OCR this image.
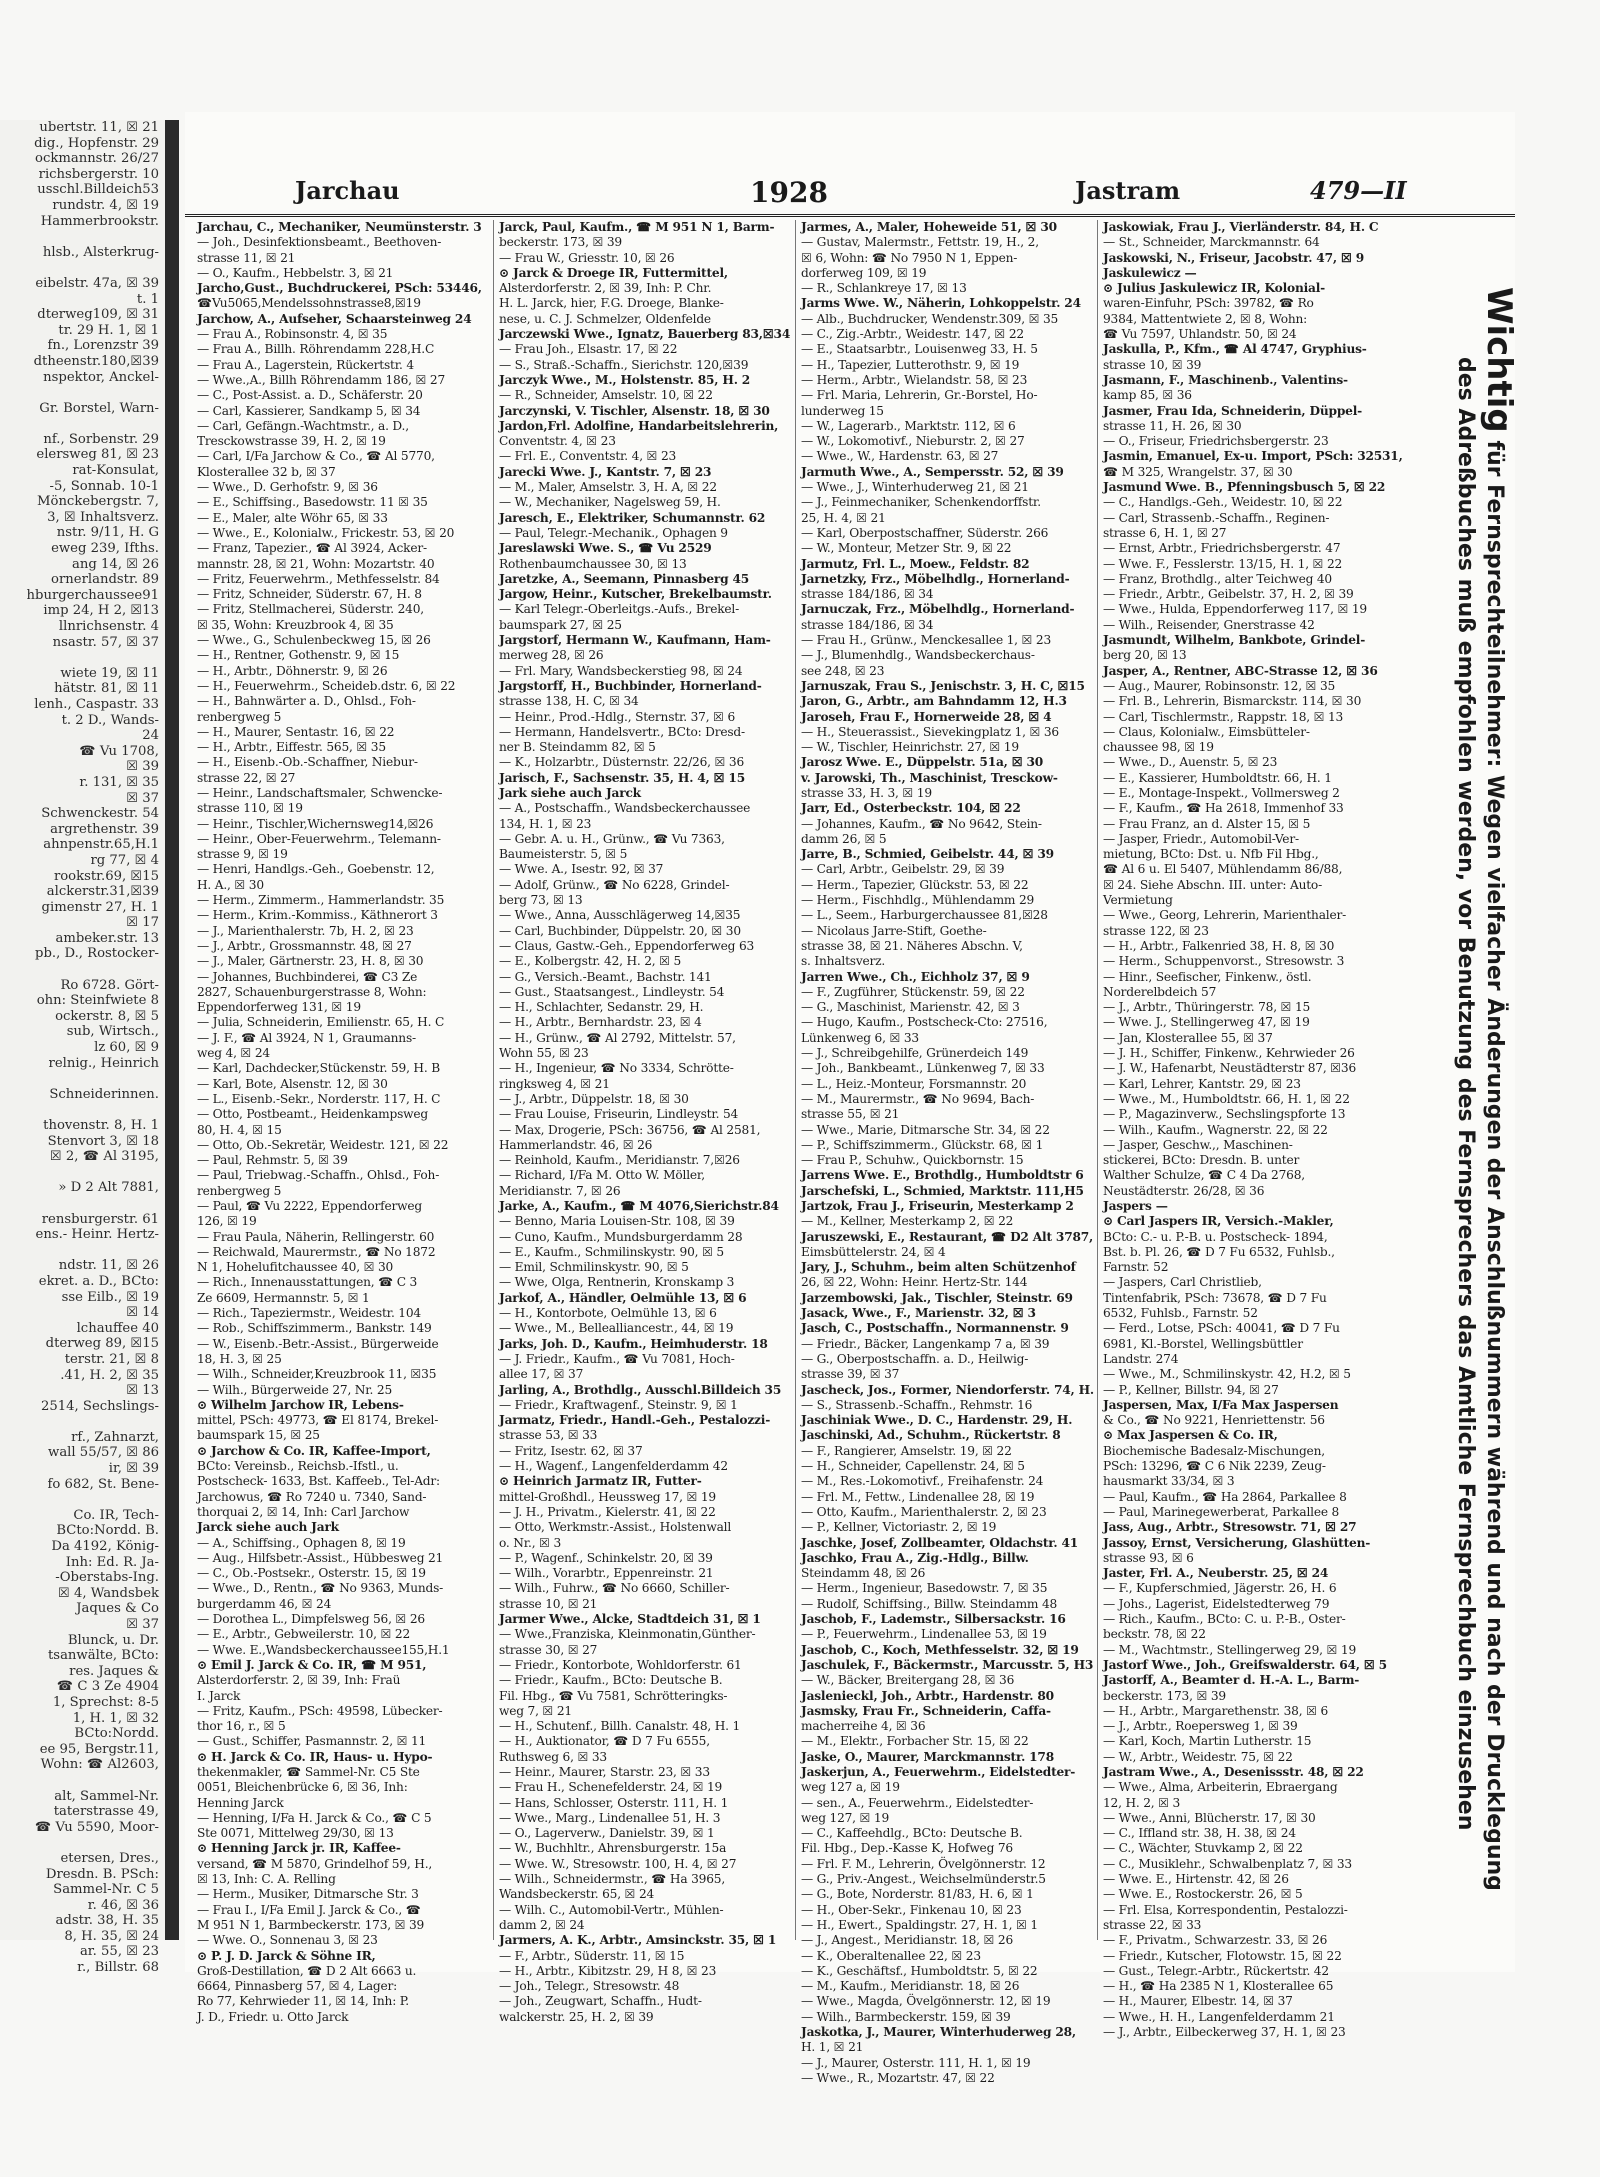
ubertstr. 11, ☒ 21
dig., Hopfenstr. 29
ockmannstr. 26/27
richsbergerstr. 10
usschl.Billdeich53
rundstr. 4, ☒ 19
Hammerbrookstr.

hlsb., Alsterkrug-

eibelstr. 47a, ☒ 39
t. 1
dterweg109, ☒ 31
tr. 29 H. 1, ☒ 1
fn., Lorenzstr 39
dtheenstr.180,☒39
nspektor, Anckel-

Gr. Borstel, Warn-

nf., Sorbenstr. 29
elersweg 81, ☒ 23
rat-Konsulat,
-5, Sonnab. 10-1
Mönckebergstr. 7,
3, ☒ Inhaltsverz.
nstr. 9/11, H. G
eweg 239, Ifths.
ang 14, ☒ 26
ornerlandstr. 89
hburgerchaussee91
imp 24, H 2, ☒13
llnrichsenstr. 4
nsastr. 57, ☒ 37

wiete 19, ☒ 11
hätstr. 81, ☒ 11
lenh., Caspastr. 33
t. 2 D., Wands-
24
☎ Vu 1708,
☒ 39
r. 131, ☒ 35
☒ 37
Schwenckestr. 54
argrethenstr. 39
ahnpenstr.65,H.1
rg 77, ☒ 4
rookstr.69, ☒15
alckerstr.31,☒39
gimenstr 27, H. 1
☒ 17
ambeker.str. 13
pb., D., Rostocker-

Ro 6728. Gört-
ohn: Steinfwiete 8
ockerstr. 8, ☒ 5
sub, Wirtsch.,
lz 60, ☒ 9
relnig., Heinrich

Schneiderinnen.

thovenstr. 8, H. 1
Stenvort 3, ☒ 18
☒ 2, ☎ Al 3195,

» D 2 Alt 7881,

rensburgerstr. 61
ens.- Heinr. Hertz-

ndstr. 11, ☒ 26
ekret. a. D., BCto:
sse Eilb., ☒ 19
☒ 14
lchauffee 40
dterweg 89, ☒15
terstr. 21, ☒ 8
.41, H. 2, ☒ 35
☒ 13
2514, Sechslings-

rf., Zahnarzt,
wall 55/57, ☒ 86
ir, ☒ 39
fo 682, St. Bene-

Co. IR, Tech-
BCto:Nordd. B.
Da 4192, König-
Inh: Ed. R. Ja-
-Oberstabs-Ing.
☒ 4, Wandsbek
Jaques & Co
☒ 37
Blunck, u. Dr.
tsanwälte, BCto:
res. Jaques &
☎ C 3 Ze 4904
1, Sprechst: 8-5
1, H. 1, ☒ 32
BCto:Nordd.
ee 95, Bergstr.11,
Wohn: ☎ Al2603,

alt, Sammel-Nr.
taterstrasse 49,
☎ Vu 5590, Moor-

etersen, Dres.,
Dresdn. B. PSch:
Sammel-Nr. C 5
r. 46, ☒ 36
adstr. 38, H. 35
8, H. 35, ☒ 24
ar. 55, ☒ 23
r., Billstr. 68
Jarchau	1928	Jastram	479—II
Jarchau, C., Mechaniker, Neumünsterstr. 3
— Joh., Desinfektionsbeamt., Beethoven-
strasse 11, ☒ 21
— O., Kaufm., Hebbelstr. 3, ☒ 21
Jarcho,Gust., Buchdruckerei, PSch: 53446,
☎Vu5065,Mendelssohnstrasse8,☒19
Jarchow, A., Aufseher, Schaarsteinweg 24
— Frau A., Robinsonstr. 4, ☒ 35
— Frau A., Billh. Röhrendamm 228,H.C
— Frau A., Lagerstein, Rückertstr. 4
— Wwe.,A., Billh Röhrendamm 186, ☒ 27
— C., Post-Assist. a. D., Schäferstr. 20
— Carl, Kassierer, Sandkamp 5, ☒ 34
— Carl, Gefängn.-Wachtmstr., a. D.,
Tresckowstrasse 39, H. 2, ☒ 19
— Carl, I/Fa Jarchow & Co., ☎ Al 5770,
Klosterallee 32 b, ☒ 37
— Wwe., D. Gerhofstr. 9, ☒ 36
— E., Schiffsing., Basedowstr. 11 ☒ 35
— E., Maler, alte Wöhr 65, ☒ 33
— Wwe., E., Kolonialw., Frickestr. 53, ☒ 20
— Franz, Tapezier., ☎ Al 3924, Acker-
mannstr. 28, ☒ 21, Wohn: Mozartstr. 40
— Fritz, Feuerwehrm., Methfesselstr. 84
— Fritz, Schneider, Süderstr. 67, H. 8
— Fritz, Stellmacherei, Süderstr. 240,
☒ 35, Wohn: Kreuzbrook 4, ☒ 35
— Wwe., G., Schulenbeckweg 15, ☒ 26
— H., Rentner, Gothenstr. 9, ☒ 15
— H., Arbtr., Döhnerstr. 9, ☒ 26
— H., Feuerwehrm., Scheideb.dstr. 6, ☒ 22
— H., Bahnwärter a. D., Ohlsd., Foh-
renbergweg 5
— H., Maurer, Sentastr. 16, ☒ 22
— H., Arbtr., Eiffestr. 565, ☒ 35
— H., Eisenb.-Ob.-Schaffner, Niebur-
strasse 22, ☒ 27
— Heinr., Landschaftsmaler, Schwencke-
strasse 110, ☒ 19
— Heinr., Tischler,Wichernsweg14,☒26
— Heinr., Ober-Feuerwehrm., Telemann-
strasse 9, ☒ 19
— Henri, Handlgs.-Geh., Goebenstr. 12,
H. A., ☒ 30
— Herm., Zimmerm., Hammerlandstr. 35
— Herm., Krim.-Kommiss., Käthnerort 3
— J., Marienthalerstr. 7b, H. 2, ☒ 23
— J., Arbtr., Grossmannstr. 48, ☒ 27
— J., Maler, Gärtnerstr. 23, H. 8, ☒ 30
— Johannes, Buchbinderei, ☎ C3 Ze
2827, Schauenburgerstrasse 8, Wohn:
Eppendorferweg 131, ☒ 19
— Julia, Schneiderin, Emilienstr. 65, H. C
— J. F., ☎ Al 3924, N 1, Graumanns-
weg 4, ☒ 24
— Karl, Dachdecker,Stückenstr. 59, H. B
— Karl, Bote, Alsenstr. 12, ☒ 30
— L., Eisenb.-Sekr., Norderstr. 117, H. C
— Otto, Postbeamt., Heidenkampsweg
80, H. 4, ☒ 15
— Otto, Ob.-Sekretär, Weidestr. 121, ☒ 22
— Paul, Rehmstr. 5, ☒ 39
— Paul, Triebwag.-Schaffn., Ohlsd., Foh-
renbergweg 5
— Paul, ☎ Vu 2222, Eppendorferweg
126, ☒ 19
— Frau Paula, Näherin, Rellingerstr. 60
— Reichwald, Maurermstr., ☎ No 1872
N 1, Hohelufitchaussee 40, ☒ 30
— Rich., Innenausstattungen, ☎ C 3
Ze 6609, Hermannstr. 5, ☒ 1
— Rich., Tapeziermstr., Weidestr. 104
— Rob., Schiffszimmerm., Bankstr. 149
— W., Eisenb.-Betr.-Assist., Bürgerweide
18, H. 3, ☒ 25
— Wilh., Schneider,Kreuzbrook 11, ☒35
— Wilh., Bürgerweide 27, Nr. 25
⊙ Wilhelm Jarchow IR, Lebens-
mittel, PSch: 49773, ☎ El 8174, Brekel-
baumspark 15, ☒ 25
⊙ Jarchow & Co. IR, Kaffee-Import,
BCto: Vereinsb., Reichsb.-Ifstl., u.
Postscheck- 1633, Bst. Kaffeeb., Tel-Adr:
Jarchowus, ☎ Ro 7240 u. 7340, Sand-
thorquai 2, ☒ 14, Inh: Carl Jarchow
Jarck siehe auch Jark
— A., Schiffsing., Ophagen 8, ☒ 19
— Aug., Hilfsbetr.-Assist., Hübbesweg 21
— C., Ob.-Postsekr., Osterstr. 15, ☒ 19
— Wwe., D., Rentn., ☎ No 9363, Munds-
burgerdamm 46, ☒ 24
— Dorothea L., Dimpfelsweg 56, ☒ 26
— E., Arbtr., Gebweilerstr. 10, ☒ 22
— Wwe. E.,Wandsbeckerchaussee155,H.1
⊙ Emil J. Jarck & Co. IR, ☎ M 951,
Alsterdorferstr. 2, ☒ 39, Inh: Fraü
I. Jarck
— Fritz, Kaufm., PSch: 49598, Lübecker-
thor 16, r., ☒ 5
— Gust., Schiffer, Pasmannstr. 2, ☒ 11
⊙ H. Jarck & Co. IR, Haus- u. Hypo-
thekenmakler, ☎ Sammel-Nr. C5 Ste
0051, Bleichenbrücke 6, ☒ 36, Inh:
Henning Jarck
— Henning, I/Fa H. Jarck & Co., ☎ C 5
Ste 0071, Mittelweg 29/30, ☒ 13
⊙ Henning Jarck jr. IR, Kaffee-
versand, ☎ M 5870, Grindelhof 59, H.,
☒ 13, Inh: C. A. Relling
— Herm., Musiker, Ditmarsche Str. 3
— Frau I., I/Fa Emil J. Jarck & Co., ☎
M 951 N 1, Barmbeckerstr. 173, ☒ 39
— Wwe. O., Sonnenau 3, ☒ 23
⊙ P. J. D. Jarck & Söhne IR,
Groß-Destillation, ☎ D 2 Alt 6663 u.
6664, Pinnasberg 57, ☒ 4, Lager:
Ro 77, Kehrwieder 11, ☒ 14, Inh: P.
J. D., Friedr. u. Otto Jarck
Jarck, Paul, Kaufm., ☎ M 951 N 1, Barm-
beckerstr. 173, ☒ 39
— Frau W., Griesstr. 10, ☒ 26
⊙ Jarck & Droege IR, Futtermittel,
Alsterdorferstr. 2, ☒ 39, Inh: P. Chr.
H. L. Jarck, hier, F.G. Droege, Blanke-
nese, u. C. J. Schmelzer, Oldenfelde
Jarczewski Wwe., Ignatz, Bauerberg 83,☒34
— Frau Joh., Elsastr. 17, ☒ 22
— S., Straß.-Schaffn., Sierichstr. 120,☒39
Jarczyk Wwe., M., Holstenstr. 85, H. 2
— R., Schneider, Amselstr. 10, ☒ 22
Jarczynski, V. Tischler, Alsenstr. 18, ☒ 30
Jardon,Frl. Adolfine, Handarbeitslehrerin,
Conventstr. 4, ☒ 23
— Frl. E., Conventstr. 4, ☒ 23
Jarecki Wwe. J., Kantstr. 7, ☒ 23
— M., Maler, Amselstr. 3, H. A, ☒ 22
— W., Mechaniker, Nagelsweg 59, H.
Jaresch, E., Elektriker, Schumannstr. 62
— Paul, Telegr.-Mechanik., Ophagen 9
Jareslawski Wwe. S., ☎ Vu 2529
Rothenbaumchaussee 30, ☒ 13
Jaretzke, A., Seemann, Pinnasberg 45
Jargow, Heinr., Kutscher, Brekelbaumstr.
— Karl Telegr.-Oberleitgs.-Aufs., Brekel-
baumspark 27, ☒ 25
Jargstorf, Hermann W., Kaufmann, Ham-
merweg 28, ☒ 26
— Frl. Mary, Wandsbeckerstieg 98, ☒ 24
Jargstorff, H., Buchbinder, Hornerland-
strasse 138, H. C, ☒ 34
— Heinr., Prod.-Hdlg., Sternstr. 37, ☒ 6
— Hermann, Handelsvertr., BCto: Dresd-
ner B. Steindamm 82, ☒ 5
— K., Holzarbtr., Düsternstr. 22/26, ☒ 36
Jarisch, F., Sachsenstr. 35, H. 4, ☒ 15
Jark siehe auch Jarck
— A., Postschaffn., Wandsbeckerchaussee
134, H. 1, ☒ 23
— Gebr. A. u. H., Grünw., ☎ Vu 7363,
Baumeisterstr. 5, ☒ 5
— Wwe. A., Isestr. 92, ☒ 37
— Adolf, Grünw., ☎ No 6228, Grindel-
berg 73, ☒ 13
— Wwe., Anna, Ausschlägerweg 14,☒35
— Carl, Buchbinder, Düppelstr. 20, ☒ 30
— Claus, Gastw.-Geh., Eppendorferweg 63
— E., Kolbergstr. 42, H. 2, ☒ 5
— G., Versich.-Beamt., Bachstr. 141
— Gust., Staatsangest., Lindleystr. 54
— H., Schlachter, Sedanstr. 29, H.
— H., Arbtr., Bernhardstr. 23, ☒ 4
— H., Grünw., ☎ Al 2792, Mittelstr. 57,
Wohn 55, ☒ 23
— H., Ingenieur, ☎ No 3334, Schrötte-
ringksweg 4, ☒ 21
— J., Arbtr., Düppelstr. 18, ☒ 30
— Frau Louise, Friseurin, Lindleystr. 54
— Max, Drogerie, PSch: 36756, ☎ Al 2581,
Hammerlandstr. 46, ☒ 26
— Reinhold, Kaufm., Meridianstr. 7,☒26
— Richard, I/Fa M. Otto W. Möller,
Meridianstr. 7, ☒ 26
Jarke, A., Kaufm., ☎ M 4076,Sierichstr.84
— Benno, Maria Louisen-Str. 108, ☒ 39
— Cuno, Kaufm., Mundsburgerdamm 28
— E., Kaufm., Schmilinskystr. 90, ☒ 5
— Emil, Schmilinskystr. 90, ☒ 5
— Wwe, Olga, Rentnerin, Kronskamp 3
Jarkof, A., Händler, Oelmühle 13, ☒ 6
— H., Kontorbote, Oelmühle 13, ☒ 6
— Wwe., M., Bellealliancestr., 44, ☒ 19
Jarks, Joh. D., Kaufm., Heimhuderstr. 18
— J. Friedr., Kaufm., ☎ Vu 7081, Hoch-
allee 17, ☒ 37
Jarling, A., Brothdlg., Ausschl.Billdeich 35
— Friedr., Kraftwagenf., Steinstr. 9, ☒ 1
Jarmatz, Friedr., Handl.-Geh., Pestalozzi-
strasse 53, ☒ 33
— Fritz, Isestr. 62, ☒ 37
— H., Wagenf., Langenfelderdamm 42
⊙ Heinrich Jarmatz IR, Futter-
mittel-Großhdl., Heussweg 17, ☒ 19
— J. H., Privatm., Kielerstr. 41, ☒ 22
— Otto, Werkmstr.-Assist., Holstenwall
o. Nr., ☒ 3
— P., Wagenf., Schinkelstr. 20, ☒ 39
— Wilh., Vorarbtr., Eppenreinstr. 21
— Wilh., Fuhrw., ☎ No 6660, Schiller-
strasse 10, ☒ 21
Jarmer Wwe., Alcke, Stadtdeich 31, ☒ 1
— Wwe.,Franziska, Kleinmonatin,Günther-
strasse 30, ☒ 27
— Friedr., Kontorbote, Wohldorferstr. 61
— Friedr., Kaufm., BCto: Deutsche B.
Fil. Hbg., ☎ Vu 7581, Schrötteringks-
weg 7, ☒ 21
— H., Schutenf., Billh. Canalstr. 48, H. 1
— H., Auktionator, ☎ D 7 Fu 6555,
Ruthsweg 6, ☒ 33
— Heinr., Maurer, Starstr. 23, ☒ 33
— Frau H., Schenefelderstr. 24, ☒ 19
— Hans, Schlosser, Osterstr. 111, H. 1
— Wwe., Marg., Lindenallee 51, H. 3
— O., Lagerverw., Danielstr. 39, ☒ 1
— W., Buchhltr., Ahrensburgerstr. 15a
— Wwe. W., Stresowstr. 100, H. 4, ☒ 27
— Wilh., Schneidermstr., ☎ Ha 3965,
Wandsbeckerstr. 65, ☒ 24
— Wilh. C., Automobil-Vertr., Mühlen-
damm 2, ☒ 24
Jarmers, A. K., Arbtr., Amsinckstr. 35, ☒ 1
— F., Arbtr., Süderstr. 11, ☒ 15
— H., Arbtr., Kibitzstr. 29, H 8, ☒ 23
— Joh., Telegr., Stresowstr. 48
— Joh., Zeugwart, Schaffn., Hudt-
walckerstr. 25, H. 2, ☒ 39
Jarmes, A., Maler, Hoheweide 51, ☒ 30
— Gustav, Malermstr., Fettstr. 19, H., 2,
☒ 6, Wohn: ☎ No 7950 N 1, Eppen-
dorferweg 109, ☒ 19
— R., Schlankreye 17, ☒ 13
Jarms Wwe. W., Näherin, Lohkoppelstr. 24
— Alb., Buchdrucker, Wendenstr.309, ☒ 35
— C., Zig.-Arbtr., Weidestr. 147, ☒ 22
— E., Staatsarbtr., Louisenweg 33, H. 5
— H., Tapezier, Lutterothstr. 9, ☒ 19
— Herm., Arbtr., Wielandstr. 58, ☒ 23
— Frl. Maria, Lehrerin, Gr.-Borstel, Ho-
lunderweg 15
— W., Lagerarb., Marktstr. 112, ☒ 6
— W., Lokomotivf., Nieburstr. 2, ☒ 27
— Wwe., W., Hardenstr. 63, ☒ 27
Jarmuth Wwe., A., Sempersstr. 52, ☒ 39
— Wwe., J., Winterhuderweg 21, ☒ 21
— J., Feinmechaniker, Schenkendorffstr.
25, H. 4, ☒ 21
— Karl, Oberpostschaffner, Süderstr. 266
— W., Monteur, Metzer Str. 9, ☒ 22
Jarmutz, Frl. L., Moew., Feldstr. 82
Jarnetzky, Frz., Möbelhdlg., Hornerland-
strasse 184/186, ☒ 34
Jarnuczak, Frz., Möbelhdlg., Hornerland-
strasse 184/186, ☒ 34
— Frau H., Grünw., Menckesallee 1, ☒ 23
— J., Blumenhdlg., Wandsbeckerchaus-
see 248, ☒ 23
Jarnuszak, Frau S., Jenischstr. 3, H. C, ☒15
Jaron, G., Arbtr., am Bahndamm 12, H.3
Jaroseh, Frau F., Hornerweide 28, ☒ 4
— H., Steuerassist., Sievekingplatz 1, ☒ 36
— W., Tischler, Heinrichstr. 27, ☒ 19
Jarosz Wwe. E., Düppelstr. 51a, ☒ 30
v. Jarowski, Th., Maschinist, Tresckow-
strasse 33, H. 3, ☒ 19
Jarr, Ed., Osterbeckstr. 104, ☒ 22
— Johannes, Kaufm., ☎ No 9642, Stein-
damm 26, ☒ 5
Jarre, B., Schmied, Geibelstr. 44, ☒ 39
— Carl, Arbtr., Geibelstr. 29, ☒ 39
— Herm., Tapezier, Glückstr. 53, ☒ 22
— Herm., Fischhdlg., Mühlendamm 29
— L., Seem., Harburgerchaussee 81,☒28
— Nicolaus Jarre-Stift, Goethe-
strasse 38, ☒ 21. Näheres Abschn. V,
s. Inhaltsverz.
Jarren Wwe., Ch., Eichholz 37, ☒ 9
— F., Zugführer, Stückenstr. 59, ☒ 22
— G., Maschinist, Marienstr. 42, ☒ 3
— Hugo, Kaufm., Postscheck-Cto: 27516,
Lünkenweg 6, ☒ 33
— J., Schreibgehilfe, Grünerdeich 149
— Joh., Bankbeamt., Lünkenweg 7, ☒ 33
— L., Heiz.-Monteur, Forsmannstr. 20
— M., Maurermstr., ☎ No 9694, Bach-
strasse 55, ☒ 21
— Wwe., Marie, Ditmarsche Str. 34, ☒ 22
— P., Schiffszimmerm., Glückstr. 68, ☒ 1
— Frau P., Schuhw., Quickbornstr. 15
Jarrens Wwe. E., Brothdlg., Humboldtstr 6
Jarschefski, L., Schmied, Marktstr. 111,H5
Jartzok, Frau J., Friseurin, Mesterkamp 2
— M., Kellner, Mesterkamp 2, ☒ 22
Jaruszewski, E., Restaurant, ☎ D2 Alt 3787,
Eimsbüttelerstr. 24, ☒ 4
Jary, J., Schuhm., beim alten Schützenhof
26, ☒ 22, Wohn: Heinr. Hertz-Str. 144
Jarzembowski, Jak., Tischler, Steinstr. 69
Jasack, Wwe., F., Marienstr. 32, ☒ 3
Jasch, C., Postschaffn., Normannenstr. 9
— Friedr., Bäcker, Langenkamp 7 a, ☒ 39
— G., Oberpostschaffn. a. D., Heilwig-
strasse 39, ☒ 37
Jascheck, Jos., Former, Niendorferstr. 74, H.
— S., Strassenb.-Schaffn., Rehmstr. 16
Jaschiniak Wwe., D. C., Hardenstr. 29, H.
Jaschinski, Ad., Schuhm., Rückertstr. 8
— F., Rangierer, Amselstr. 19, ☒ 22
— H., Schneider, Capellenstr. 24, ☒ 5
— M., Res.-Lokomotivf., Freihafenstr. 24
— Frl. M., Fettw., Lindenallee 28, ☒ 19
— Otto, Kaufm., Marienthalerstr. 2, ☒ 23
— P., Kellner, Victoriastr. 2, ☒ 19
Jaschke, Josef, Zollbeamter, Oldachstr. 41
Jaschko, Frau A., Zig.-Hdlg., Billw.
Steindamm 48, ☒ 26
— Herm., Ingenieur, Basedowstr. 7, ☒ 35
— Rudolf, Schiffsing., Billw. Steindamm 48
Jaschob, F., Lademstr., Silbersackstr. 16
— P., Feuerwehrm., Lindenallee 53, ☒ 19
Jaschob, C., Koch, Methfesselstr. 32, ☒ 19
Jaschulek, F., Bäckermstr., Marcusstr. 5, H3
— W., Bäcker, Breitergang 28, ☒ 36
Jaslenieckl, Joh., Arbtr., Hardenstr. 80
Jasmsky, Frau Fr., Schneiderin, Caffa-
macherreihe 4, ☒ 36
— M., Elektr., Forbacher Str. 15, ☒ 22
Jaske, O., Maurer, Marckmannstr. 178
Jaskerjun, A., Feuerwehrm., Eidelstedter-
weg 127 a, ☒ 19
— sen., A., Feuerwehrm., Eidelstedter-
weg 127, ☒ 19
— C., Kaffeehdlg., BCto: Deutsche B.
Fil. Hbg., Dep.-Kasse K, Hofweg 76
— Frl. F. M., Lehrerin, Övelgönnerstr. 12
— G., Priv.-Angest., Weichselmünderstr.5
— G., Bote, Norderstr. 81/83, H. 6, ☒ 1
— H., Ober-Sekr., Finkenau 10, ☒ 23
— H., Ewert., Spaldingstr. 27, H. 1, ☒ 1
— J., Angest., Meridianstr. 18, ☒ 26
— K., Oberaltenallee 22, ☒ 23
— K., Geschäftsf., Humboldtstr. 5, ☒ 22
— M., Kaufm., Meridianstr. 18, ☒ 26
— Wwe., Magda, Övelgönnerstr. 12, ☒ 19
— Wilh., Barmbeckerstr. 159, ☒ 39
Jaskotka, J., Maurer, Winterhuderweg 28,
H. 1, ☒ 21
— J., Maurer, Osterstr. 111, H. 1, ☒ 19
— Wwe., R., Mozartstr. 47, ☒ 22
Jaskowiak, Frau J., Vierländerstr. 84, H. C
— St., Schneider, Marckmannstr. 64
Jaskowski, N., Friseur, Jacobstr. 47, ☒ 9
Jaskulewicz —
⊙ Julius Jaskulewicz IR, Kolonial-
waren-Einfuhr, PSch: 39782, ☎ Ro
9384, Mattentwiete 2, ☒ 8, Wohn:
☎ Vu 7597, Uhlandstr. 50, ☒ 24
Jaskulla, P., Kfm., ☎ Al 4747, Gryphius-
strasse 10, ☒ 39
Jasmann, F., Maschinenb., Valentins-
kamp 85, ☒ 36
Jasmer, Frau Ida, Schneiderin, Düppel-
strasse 11, H. 26, ☒ 30
— O., Friseur, Friedrichsbergerstr. 23
Jasmin, Emanuel, Ex-u. Import, PSch: 32531,
☎ M 325, Wrangelstr. 37, ☒ 30
Jasmund Wwe. B., Pfenningsbusch 5, ☒ 22
— C., Handlgs.-Geh., Weidestr. 10, ☒ 22
— Carl, Strassenb.-Schaffn., Reginen-
strasse 6, H. 1, ☒ 27
— Ernst, Arbtr., Friedrichsbergerstr. 47
— Wwe. F., Fesslerstr. 13/15, H. 1, ☒ 22
— Franz, Brothdlg., alter Teichweg 40
— Friedr., Arbtr., Geibelstr. 37, H. 2, ☒ 39
— Wwe., Hulda, Eppendorferweg 117, ☒ 19
— Wilh., Reisender, Gnerstrasse 42
Jasmundt, Wilhelm, Bankbote, Grindel-
berg 20, ☒ 13
Jasper, A., Rentner, ABC-Strasse 12, ☒ 36
— Aug., Maurer, Robinsonstr. 12, ☒ 35
— Frl. B., Lehrerin, Bismarckstr. 114, ☒ 30
— Carl, Tischlermstr., Rappstr. 18, ☒ 13
— Claus, Kolonialw., Eimsbütteler-
chaussee 98, ☒ 19
— Wwe., D., Auenstr. 5, ☒ 23
— E., Kassierer, Humboldtstr. 66, H. 1
— E., Montage-Inspekt., Vollmersweg 2
— F., Kaufm., ☎ Ha 2618, Immenhof 33
— Frau Franz, an d. Alster 15, ☒ 5
— Jasper, Friedr., Automobil-Ver-
mietung, BCto: Dst. u. Nfb Fil Hbg.,
☎ Al 6 u. El 5407, Mühlendamm 86/88,
☒ 24. Siehe Abschn. III. unter: Auto-
Vermietung
— Wwe., Georg, Lehrerin, Marienthaler-
strasse 122, ☒ 23
— H., Arbtr., Falkenried 38, H. 8, ☒ 30
— Herm., Schuppenvorst., Stresowstr. 3
— Hinr., Seefischer, Finkenw., östl.
Norderelbdeich 57
— J., Arbtr., Thüringerstr. 78, ☒ 15
— Wwe. J., Stellingerweg 47, ☒ 19
— Jan, Klosterallee 55, ☒ 37
— J. H., Schiffer, Finkenw., Kehrwieder 26
— J. W., Hafenarbt, Neustädterstr 87, ☒36
— Karl, Lehrer, Kantstr. 29, ☒ 23
— Wwe., M., Humboldtstr. 66, H. 1, ☒ 22
— P., Magazinverw., Sechslingspforte 13
— Wilh., Kaufm., Wagnerstr. 22, ☒ 22
— Jasper, Geschw.,, Maschinen-
stickerei, BCto: Dresdn. B. unter
Walther Schulze, ☎ C 4 Da 2768,
Neustädterstr. 26/28, ☒ 36
Jaspers —
⊙ Carl Jaspers IR, Versich.-Makler,
BCto: C.- u. P.-B. u. Postscheck- 1894,
Bst. b. Pl. 26, ☎ D 7 Fu 6532, Fuhlsb.,
Farnstr. 52
— Jaspers, Carl Christlieb,
Tintenfabrik, PSch: 73678, ☎ D 7 Fu
6532, Fuhlsb., Farnstr. 52
— Ferd., Lotse, PSch: 40041, ☎ D 7 Fu
6981, Kl.-Borstel, Wellingsbüttler
Landstr. 274
— Wwe., M., Schmilinskystr. 42, H.2, ☒ 5
— P., Kellner, Billstr. 94, ☒ 27
Jaspersen, Max, I/Fa Max Jaspersen
& Co., ☎ No 9221, Henriettenstr. 56
⊙ Max Jaspersen & Co. IR,
Biochemische Badesalz-Mischungen,
PSch: 13296, ☎ C 6 Nik 2239, Zeug-
hausmarkt 33/34, ☒ 3
— Paul, Kaufm., ☎ Ha 2864, Parkallee 8
— Paul, Marinegewerberat, Parkallee 8
Jass, Aug., Arbtr., Stresowstr. 71, ☒ 27
Jassoy, Ernst, Versicherung, Glashütten-
strasse 93, ☒ 6
Jaster, Frl. A., Neuberstr. 25, ☒ 24
— F., Kupferschmied, Jägerstr. 26, H. 6
— Johs., Lagerist, Eidelstedterweg 79
— Rich., Kaufm., BCto: C. u. P.-B., Oster-
beckstr. 78, ☒ 22
— M., Wachtmstr., Stellingerweg 29, ☒ 19
Jastorf Wwe., Joh., Greifswalderstr. 64, ☒ 5
Jastorff, A., Beamter d. H.-A. L., Barm-
beckerstr. 173, ☒ 39
— H., Arbtr., Margarethenstr. 38, ☒ 6
— J., Arbtr., Roepersweg 1, ☒ 39
— Karl, Koch, Martin Lutherstr. 15
— W., Arbtr., Weidestr. 75, ☒ 22
Jastram Wwe., A., Desenissstr. 48, ☒ 22
— Wwe., Alma, Arbeiterin, Ebraergang
12, H. 2, ☒ 3
— Wwe., Anni, Blücherstr. 17, ☒ 30
— C., Iffland str. 38, H. 38, ☒ 24
— C., Wächter, Stuvkamp 2, ☒ 22
— C., Musiklehr., Schwalbenplatz 7, ☒ 33
— Wwe. E., Hirtenstr. 42, ☒ 26
— Wwe. E., Rostockerstr. 26, ☒ 5
— Frl. Elsa, Korrespondentin, Pestalozzi-
strasse 22, ☒ 33
— F., Privatm., Schwarzestr. 33, ☒ 26
— Friedr., Kutscher, Flotowstr. 15, ☒ 22
— Gust., Telegr.-Arbtr., Rückertstr. 42
— H., ☎ Ha 2385 N 1, Klosterallee 65
— H., Maurer, Elbestr. 14, ☒ 37
— Wwe., H. H., Langenfelderdamm 21
— J., Arbtr., Eilbeckerweg 37, H. 1, ☒ 23
Wichtig für Fernsprechteilnehmer: Wegen vielfacher Änderungen der Anschlußnummern während und nach der Drucklegung
des Adreßbuches muß empfohlen werden, vor Benutzung des Fernsprechers das Amtliche Fernsprechbuch einzusehen
